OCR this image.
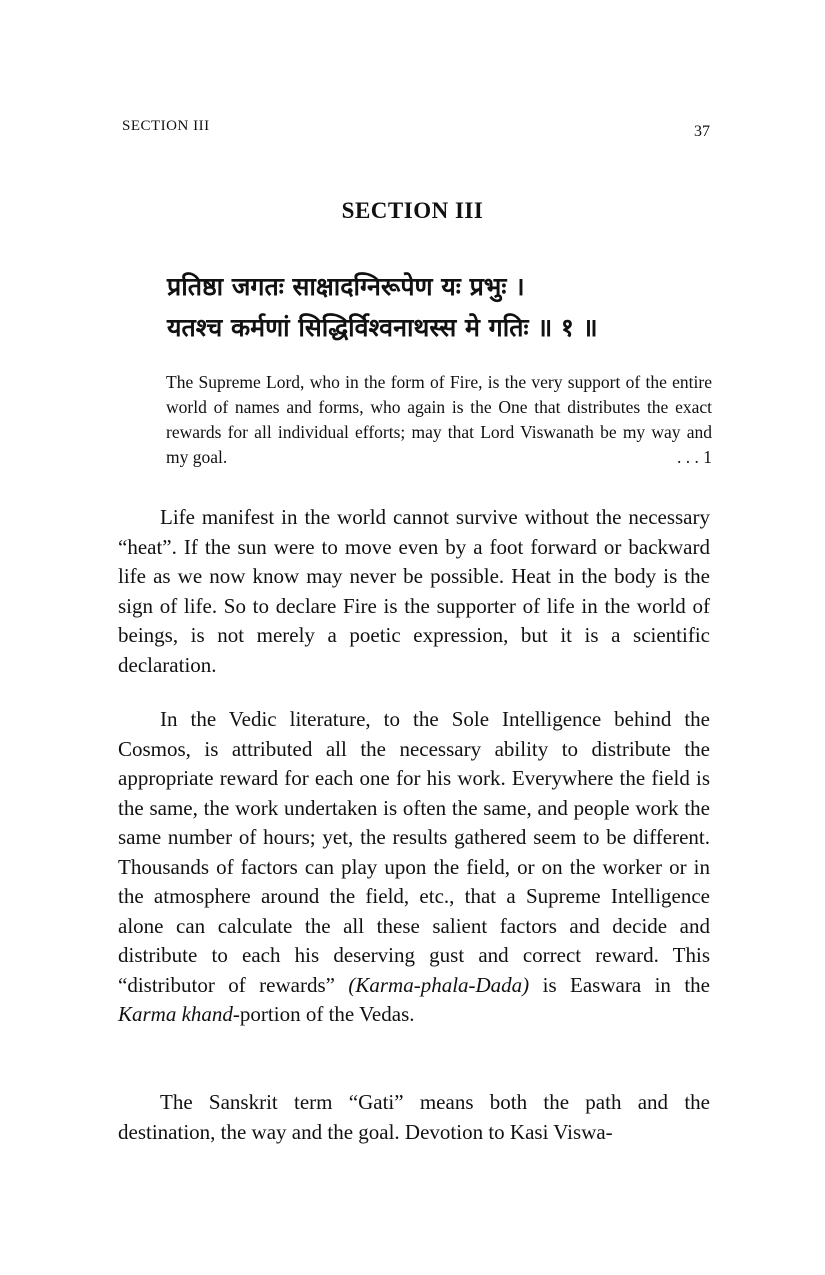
SECTION III	37
SECTION III
प्रतिष्ठा जगतः साक्षादग्निरूपेण यः प्रभुः ।
यतश्च कर्मणां सिद्धिर्विश्वनाथस्स मे गतिः ॥ १ ॥
The Supreme Lord, who in the form of Fire, is the very support of the entire world of names and forms, who again is the One that distributes the exact rewards for all individual efforts; may that Lord Viswanath be my way and my goal.	. . . 1

Life manifest in the world cannot survive without the necessary “heat”. If the sun were to move even by a foot forward or backward life as we now know may never be possible. Heat in the body is the sign of life. So to declare Fire is the supporter of life in the world of beings, is not merely a poetic expression, but it is a scientific declaration.

In the Vedic literature, to the Sole Intelligence behind the Cosmos, is attributed all the necessary ability to distribute the appropriate reward for each one for his work. Everywhere the field is the same, the work undertaken is often the same, and people work the same number of hours; yet, the results gathered seem to be different. Thousands of factors can play upon the field, or on the worker or in the atmosphere around the field, etc., that a Supreme Intelligence alone can calculate the all these salient factors and decide and distribute to each his deserving gust and correct reward. This “distributor of rewards” (Karma-phala-Dada) is Easwara in the Karma khand-portion of the Vedas.

The Sanskrit term “Gati” means both the path and the destination, the way and the goal. Devotion to Kasi Viswa-
